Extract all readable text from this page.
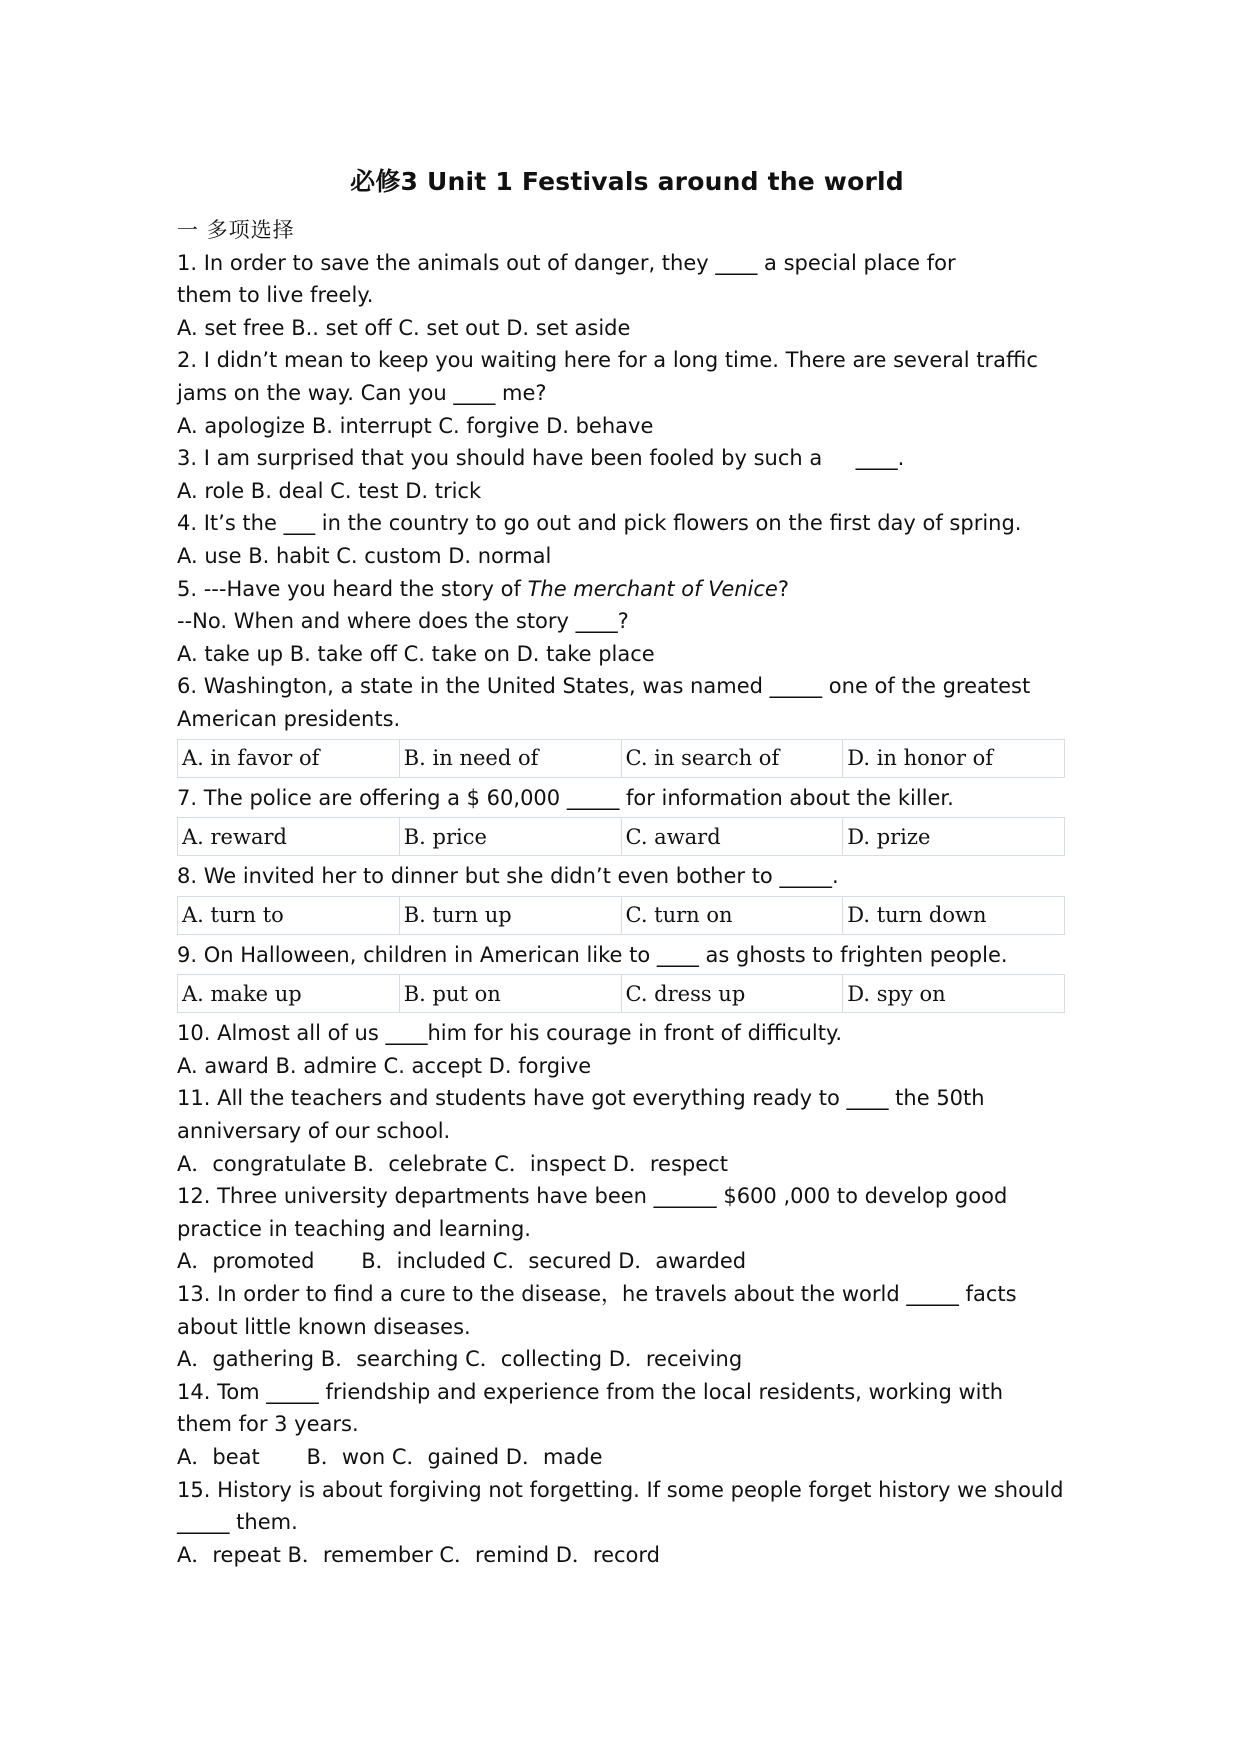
必修3 Unit 1 Festivals around the world
一 多项选择
1. In order to save the animals out of danger, they ____ a special place for
them to live freely.
A. set free B.. set off C. set out D. set aside
2. I didn’t mean to keep you waiting here for a long time. There are several traffic
jams on the way. Can you ____ me?
A. apologize B. interrupt C. forgive D. behave
3. I am surprised that you should have been fooled by such a     ____.
A. role B. deal C. test D. trick
4. It’s the ___ in the country to go out and pick flowers on the first day of spring.
A. use B. habit C. custom D. normal
5. ---Have you heard the story of The merchant of Venice?
--No. When and where does the story ____?
A. take up B. take off C. take on D. take place
6. Washington, a state in the United States, was named _____ one of the greatest
American presidents.
A. in favor of	B. in need of	C. in search of	D. in honor of
7. The police are offering a $ 60,000 _____ for information about the killer.
A. reward	B. price	C. award	D. prize
8. We invited her to dinner but she didn’t even bother to _____.
A. turn to	B. turn up	C. turn on	D. turn down
9. On Halloween, children in American like to ____ as ghosts to frighten people.
A. make up	B. put on	C. dress up	D. spy on
10. Almost all of us ____him for his courage in front of difficulty.
A. award B. admire C. accept D. forgive
11. All the teachers and students have got everything ready to ____ the 50th
anniversary of our school.
A．congratulate B．celebrate C．inspect D．respect
12. Three university departments have been ______ $600 ,000 to develop good
practice in teaching and learning.
A．promoted       B．included C．secured D．awarded
13. In order to find a cure to the disease，he travels about the world _____ facts
about little known diseases.
A．gathering B．searching C．collecting D．receiving
14. Tom _____ friendship and experience from the local residents, working with
them for 3 years.
A．beat       B．won C．gained D．made
15. History is about forgiving not forgetting. If some people forget history we should
_____ them.
A．repeat B．remember C．remind D．record
